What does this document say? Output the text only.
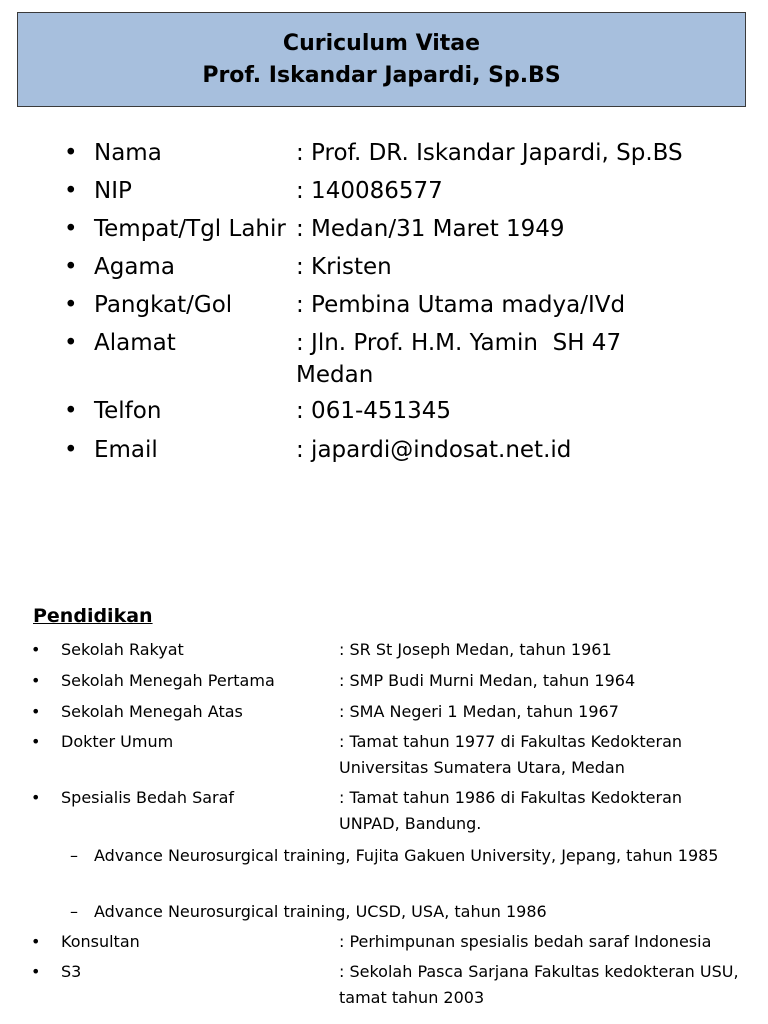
Curiculum Vitae
Prof. Iskandar Japardi, Sp.BS
• Nama	: Prof. DR. Iskandar Japardi, Sp.BS
• NIP	: 140086577
• Tempat/Tgl Lahir : Medan/31 Maret 1949
• Agama	: Kristen
• Pangkat/Gol	: Pembina Utama madya/IVd
• Alamat	: Jln. Prof. H.M. Yamin  SH 47
Medan
• Telfon	: 061-451345
• Email	: japardi@indosat.net.id
Pendidikan
• Sekolah Rakyat	: SR St Joseph Medan, tahun 1961
• Sekolah Menegah Pertama	: SMP Budi Murni Medan, tahun 1964
• Sekolah Menegah Atas	: SMA Negeri 1 Medan, tahun 1967
• Dokter Umum	: Tamat tahun 1977 di Fakultas Kedokteran Universitas Sumatera Utara, Medan
• Spesialis Bedah Saraf	: Tamat tahun 1986 di Fakultas Kedokteran UNPAD, Bandung.
– Advance Neurosurgical training, Fujita Gakuen University, Jepang, tahun 1985
– Advance Neurosurgical training, UCSD, USA, tahun 1986
• Konsultan	: Perhimpunan spesialis bedah saraf Indonesia
• S3	: Sekolah Pasca Sarjana Fakultas kedokteran USU, tamat tahun 2003
